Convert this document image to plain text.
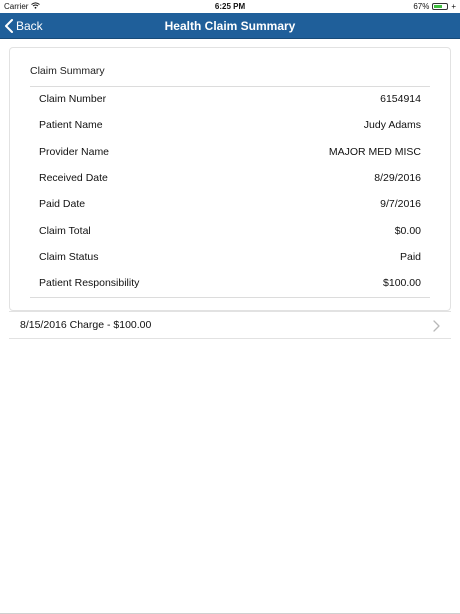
Carrier	6:25 PM	67%	+
Back	Health Claim Summary
Claim Summary
Claim Number	6154914
Patient Name	Judy Adams
Provider Name	MAJOR MED MISC
Received Date	8/29/2016
Paid Date	9/7/2016
Claim Total	$0.00
Claim Status	Paid
Patient Responsibility	$100.00
8/15/2016 Charge - $100.00
